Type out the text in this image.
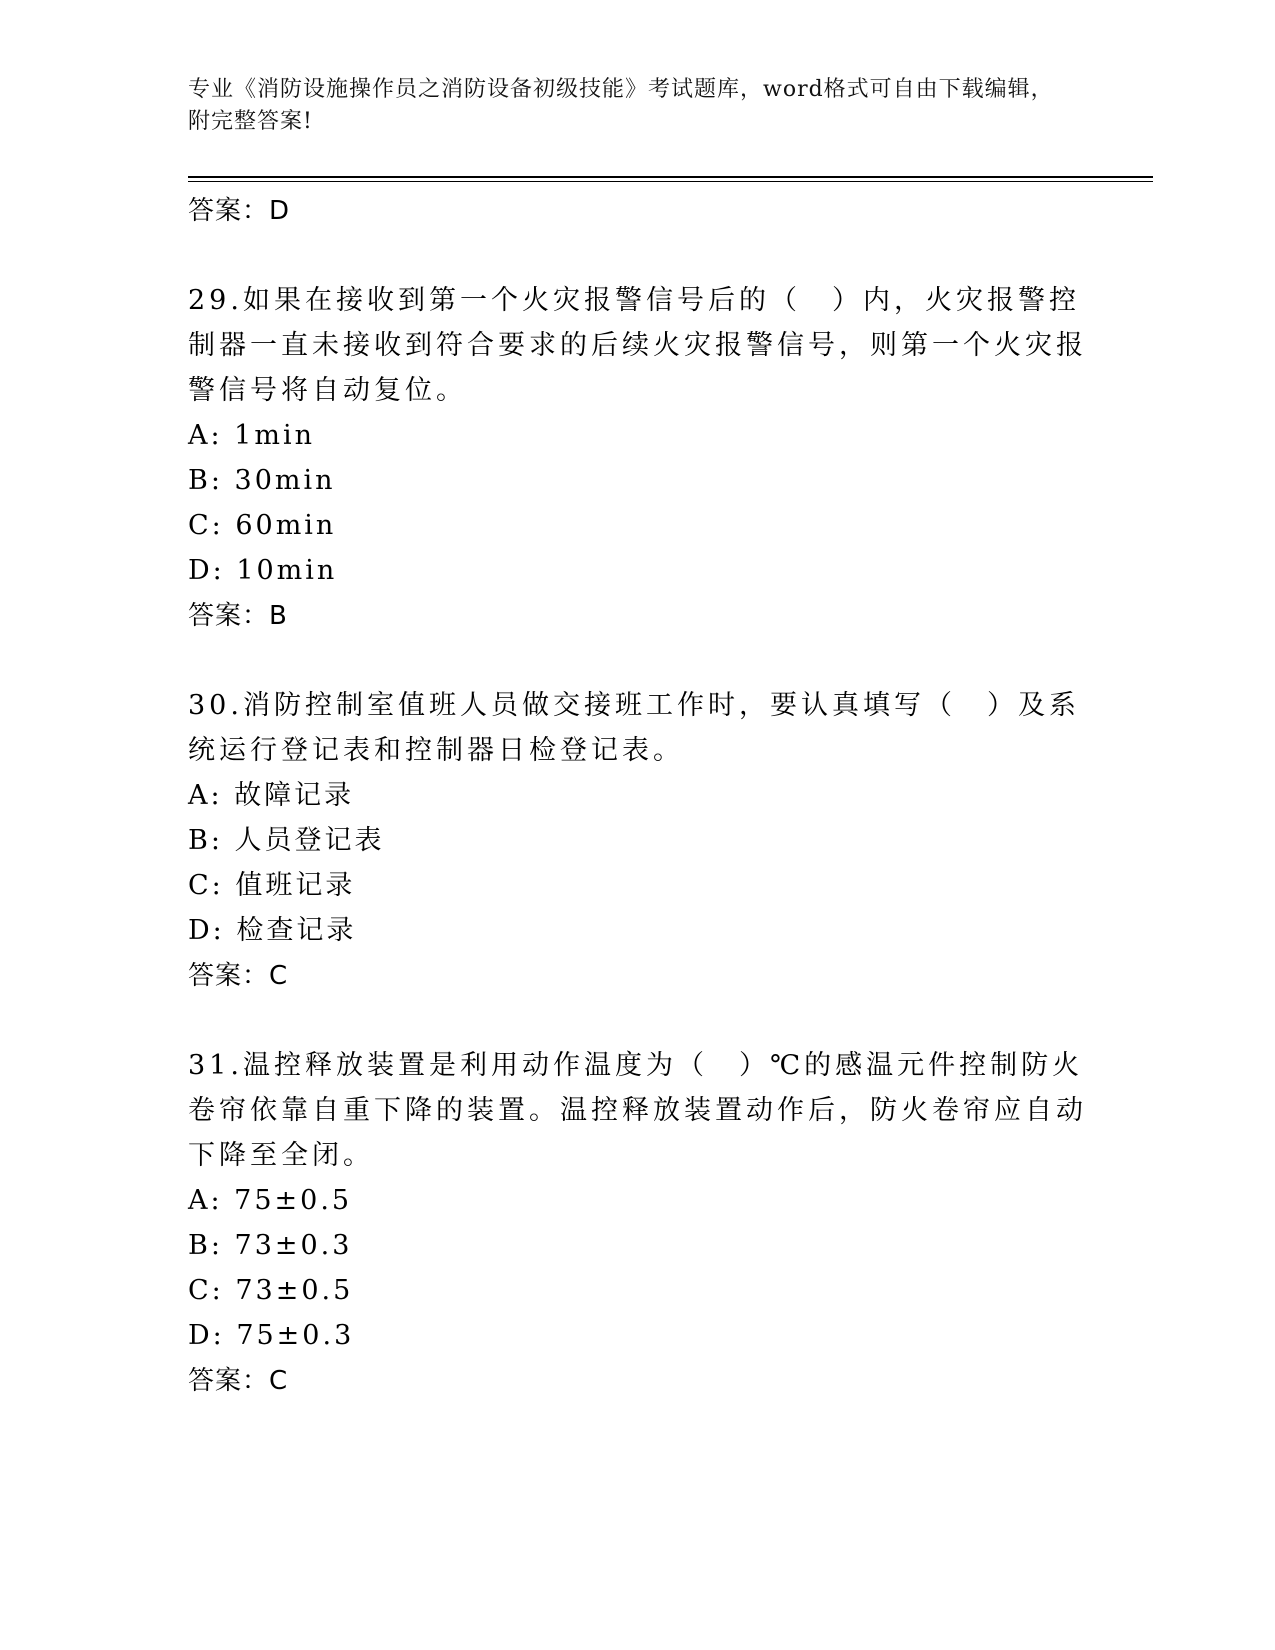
专业《消防设施操作员之消防设备初级技能》考试题库，word格式可自由下载编辑，附完整答案!
答案：D

29.如果在接收到第一个火灾报警信号后的（　）内，火灾报警控制器一直未接收到符合要求的后续火灾报警信号，则第一个火灾报警信号将自动复位。

A: 1min
B: 30min
C: 60min
D: 10min
答案：B

30.消防控制室值班人员做交接班工作时，要认真填写（　）及系统运行登记表和控制器日检登记表。

A: 故障记录
B: 人员登记表
C: 值班记录
D: 检查记录
答案：C

31.温控释放装置是利用动作温度为（　）℃的感温元件控制防火卷帘依靠自重下降的装置。温控释放装置动作后，防火卷帘应自动下降至全闭。

A: 75±0.5
B: 73±0.3
C: 73±0.5
D: 75±0.3
答案：C
